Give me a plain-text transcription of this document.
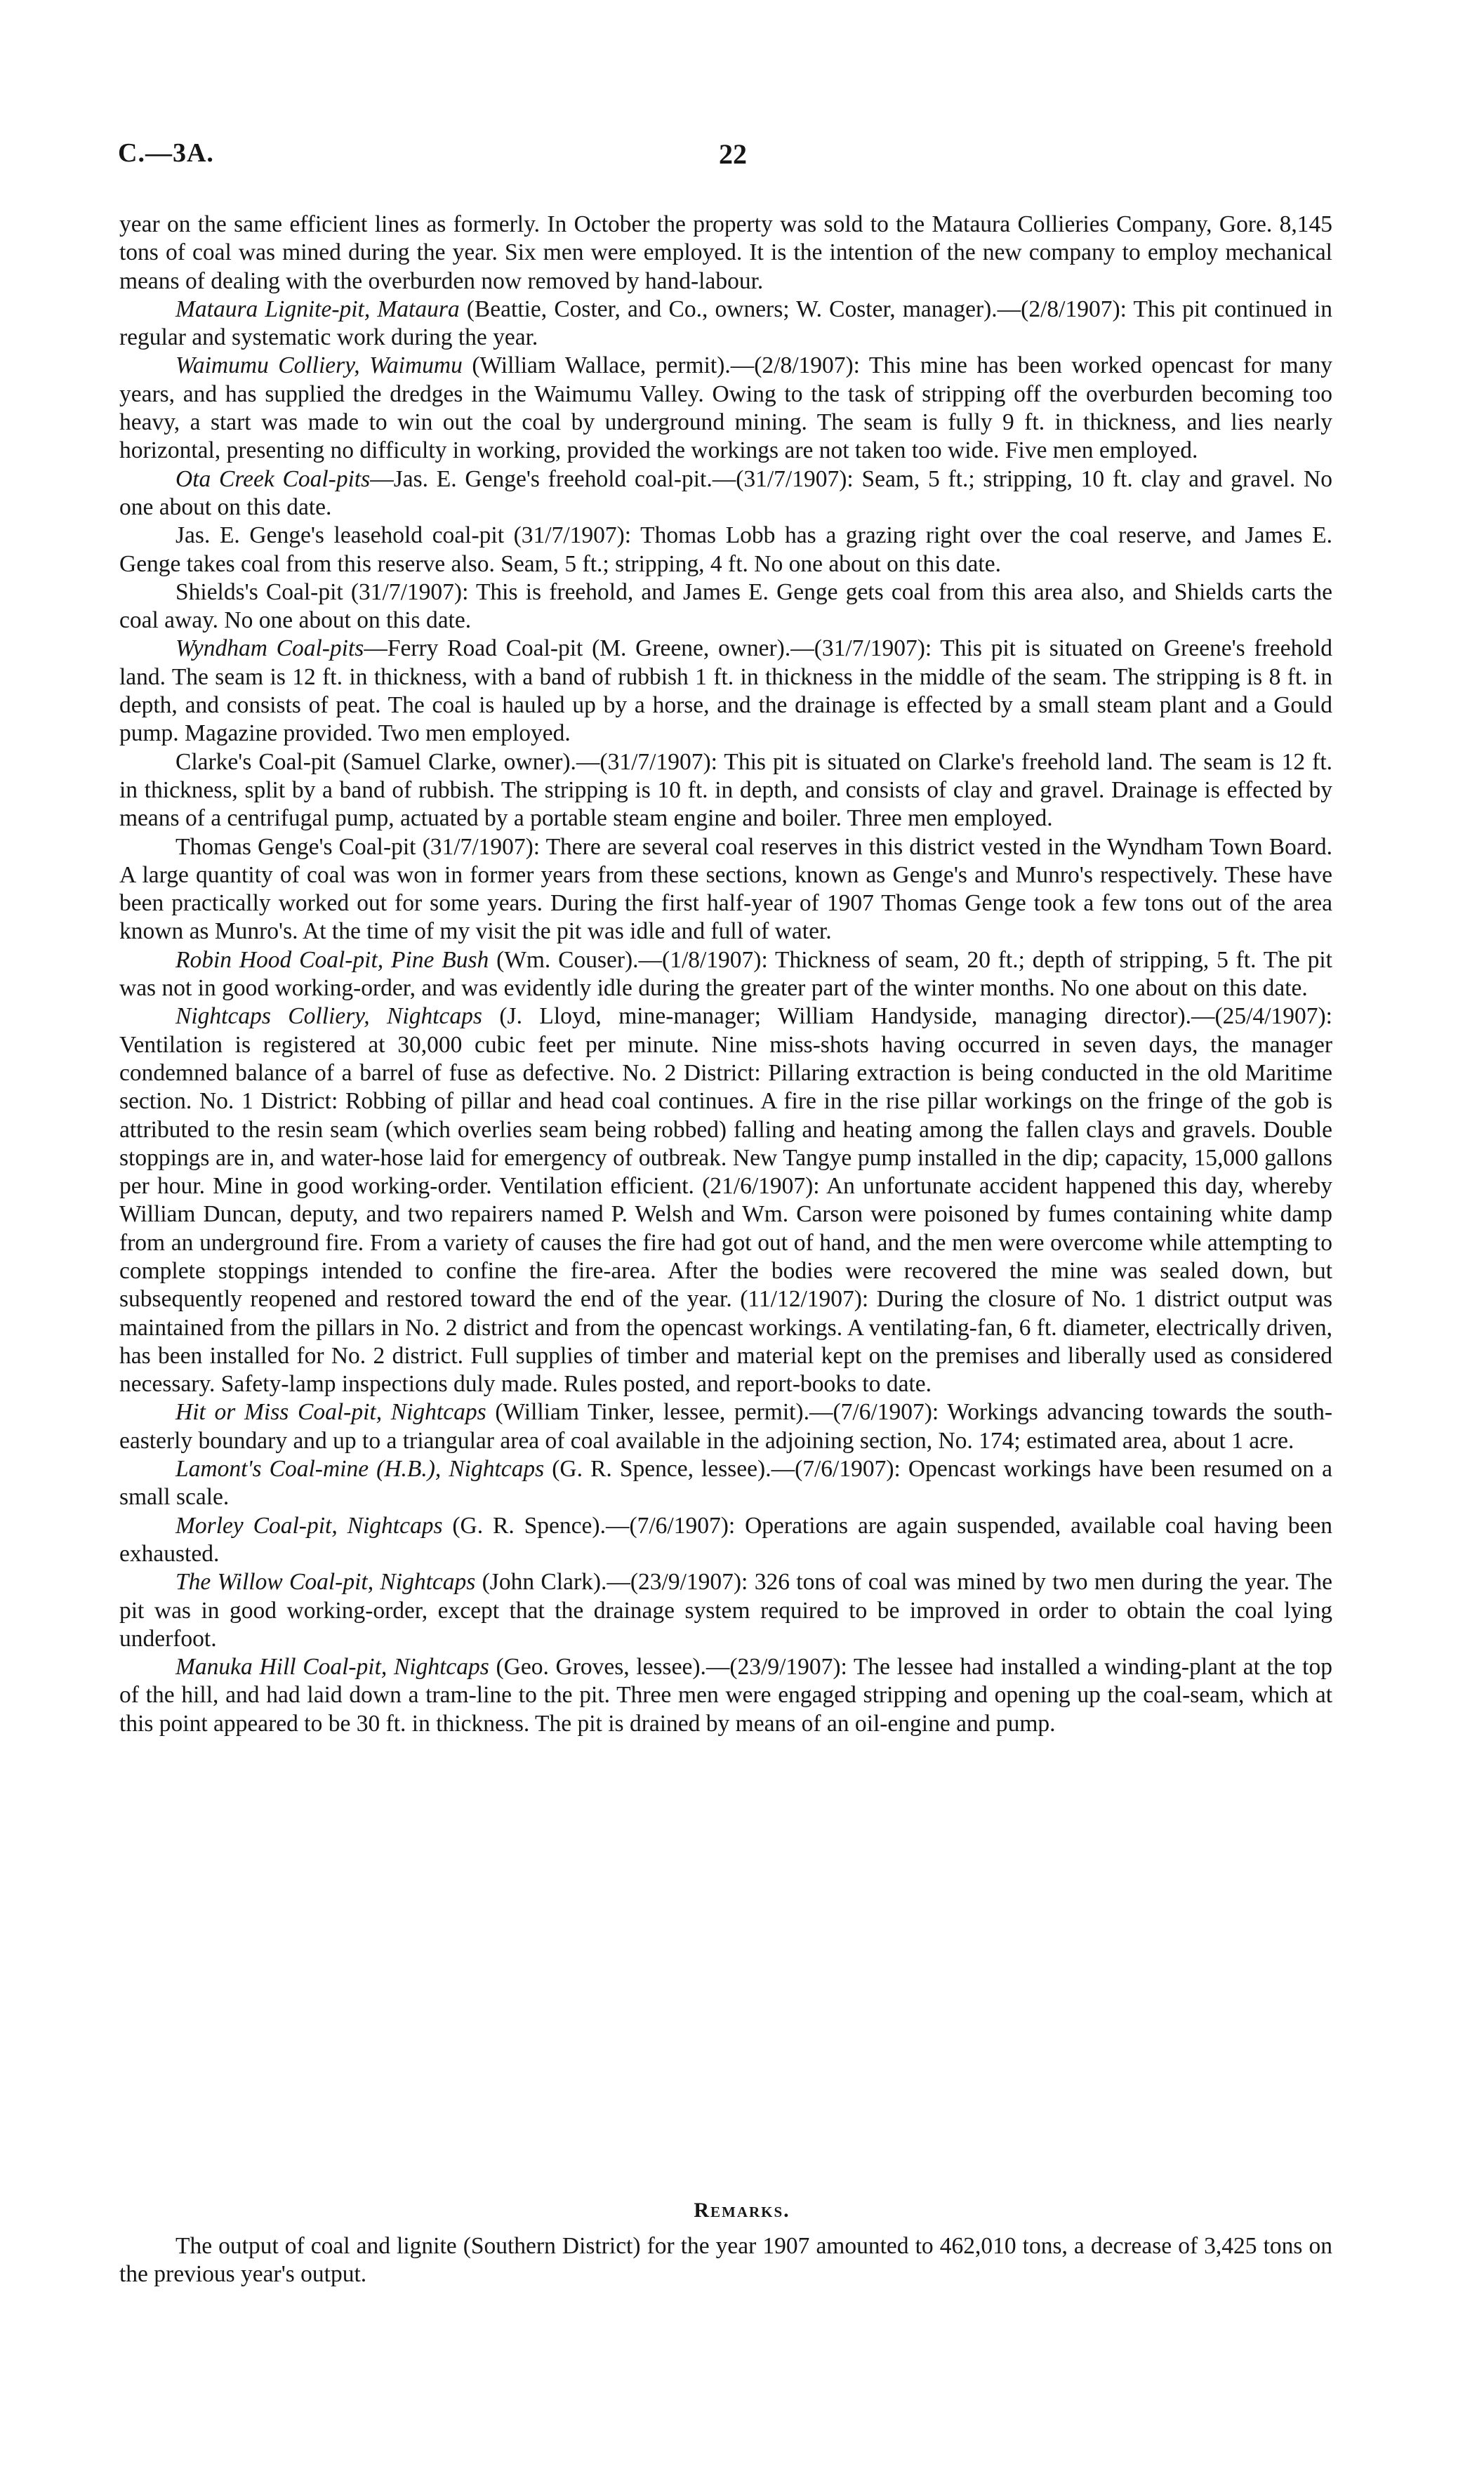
C.—3A.	22

year on the same efficient lines as formerly. In October the property was sold to the Mataura Collieries Company, Gore. 8,145 tons of coal was mined during the year. Six men were employed. It is the intention of the new company to employ mechanical means of dealing with the overburden now removed by hand-labour.

Mataura Lignite-pit, Mataura (Beattie, Coster, and Co., owners; W. Coster, manager).—(2/8/1907): This pit continued in regular and systematic work during the year.

Waimumu Colliery, Waimumu (William Wallace, permit).—(2/8/1907): This mine has been worked opencast for many years, and has supplied the dredges in the Waimumu Valley. Owing to the task of stripping off the overburden becoming too heavy, a start was made to win out the coal by underground mining. The seam is fully 9 ft. in thickness, and lies nearly horizontal, presenting no difficulty in working, provided the workings are not taken too wide. Five men employed.

Ota Creek Coal-pits—Jas. E. Genge's freehold coal-pit.—(31/7/1907): Seam, 5 ft.; stripping, 10 ft. clay and gravel. No one about on this date.

Jas. E. Genge's leasehold coal-pit (31/7/1907): Thomas Lobb has a grazing right over the coal reserve, and James E. Genge takes coal from this reserve also. Seam, 5 ft.; stripping, 4 ft. No one about on this date.

Shields's Coal-pit (31/7/1907): This is freehold, and James E. Genge gets coal from this area also, and Shields carts the coal away. No one about on this date.

Wyndham Coal-pits—Ferry Road Coal-pit (M. Greene, owner).—(31/7/1907): This pit is situated on Greene's freehold land. The seam is 12 ft. in thickness, with a band of rubbish 1 ft. in thickness in the middle of the seam. The stripping is 8 ft. in depth, and consists of peat. The coal is hauled up by a horse, and the drainage is effected by a small steam plant and a Gould pump. Magazine provided. Two men employed.

Clarke's Coal-pit (Samuel Clarke, owner).—(31/7/1907): This pit is situated on Clarke's freehold land. The seam is 12 ft. in thickness, split by a band of rubbish. The stripping is 10 ft. in depth, and consists of clay and gravel. Drainage is effected by means of a centrifugal pump, actuated by a portable steam engine and boiler. Three men employed.

Thomas Genge's Coal-pit (31/7/1907): There are several coal reserves in this district vested in the Wyndham Town Board. A large quantity of coal was won in former years from these sections, known as Genge's and Munro's respectively. These have been practically worked out for some years. During the first half-year of 1907 Thomas Genge took a few tons out of the area known as Munro's. At the time of my visit the pit was idle and full of water.

Robin Hood Coal-pit, Pine Bush (Wm. Couser).—(1/8/1907): Thickness of seam, 20 ft.; depth of stripping, 5 ft. The pit was not in good working-order, and was evidently idle during the greater part of the winter months. No one about on this date.

Nightcaps Colliery, Nightcaps (J. Lloyd, mine-manager; William Handyside, managing director).—(25/4/1907): Ventilation is registered at 30,000 cubic feet per minute. Nine miss-shots having occurred in seven days, the manager condemned balance of a barrel of fuse as defective. No. 2 District: Pillaring extraction is being conducted in the old Maritime section. No. 1 District: Robbing of pillar and head coal continues. A fire in the rise pillar workings on the fringe of the gob is attributed to the resin seam (which overlies seam being robbed) falling and heating among the fallen clays and gravels. Double stoppings are in, and water-hose laid for emergency of outbreak. New Tangye pump installed in the dip; capacity, 15,000 gallons per hour. Mine in good working-order. Ventilation efficient. (21/6/1907): An unfortunate accident happened this day, whereby William Duncan, deputy, and two repairers named P. Welsh and Wm. Carson were poisoned by fumes containing white damp from an underground fire. From a variety of causes the fire had got out of hand, and the men were overcome while attempting to complete stoppings intended to confine the fire-area. After the bodies were recovered the mine was sealed down, but subsequently reopened and restored toward the end of the year. (11/12/1907): During the closure of No. 1 district output was maintained from the pillars in No. 2 district and from the opencast workings. A ventilating-fan, 6 ft. diameter, electrically driven, has been installed for No. 2 district. Full supplies of timber and material kept on the premises and liberally used as considered necessary. Safety-lamp inspections duly made. Rules posted, and report-books to date.

Hit or Miss Coal-pit, Nightcaps (William Tinker, lessee, permit).—(7/6/1907): Workings advancing towards the south-easterly boundary and up to a triangular area of coal available in the adjoining section, No. 174; estimated area, about 1 acre.

Lamont's Coal-mine (H.B.), Nightcaps (G. R. Spence, lessee).—(7/6/1907): Opencast workings have been resumed on a small scale.

Morley Coal-pit, Nightcaps (G. R. Spence).—(7/6/1907): Operations are again suspended, available coal having been exhausted.

The Willow Coal-pit, Nightcaps (John Clark).—(23/9/1907): 326 tons of coal was mined by two men during the year. The pit was in good working-order, except that the drainage system required to be improved in order to obtain the coal lying underfoot.

Manuka Hill Coal-pit, Nightcaps (Geo. Groves, lessee).—(23/9/1907): The lessee had installed a winding-plant at the top of the hill, and had laid down a tram-line to the pit. Three men were engaged stripping and opening up the coal-seam, which at this point appeared to be 30 ft. in thickness. The pit is drained by means of an oil-engine and pump.

Remarks.

The output of coal and lignite (Southern District) for the year 1907 amounted to 462,010 tons, a decrease of 3,425 tons on the previous year's output.
